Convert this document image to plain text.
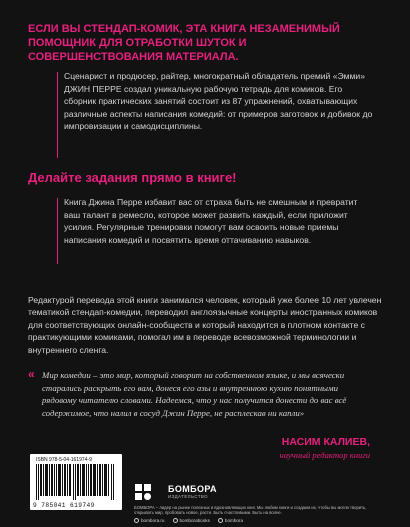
ЕСЛИ ВЫ СТЕНДАП-КОМИК, ЭТА КНИГА НЕЗАМЕНИМЫЙ ПОМОЩНИК ДЛЯ ОТРАБОТКИ ШУТОК И СОВЕРШЕНСТВОВАНИЯ МАТЕРИАЛА.
Сценарист и продюсер, райтер, многократный обладатель премий «Эмми» ДЖИН ПЕРРЕ создал уникальную рабочую тетрадь для комиков. Его сборник практических занятий состоит из 87 упражнений, охватывающих различные аспекты написания комедий: от примеров заготовок и добивок до импровизации и самодисциплины.
Делайте задания прямо в книге!
Книга Джина Перре избавит вас от страха быть не смешным и превратит ваш талант в ремесло, которое может развить каждый, если приложит усилия. Регулярные тренировки помогут вам освоить новые приемы написания комедий и посвятить время оттачиванию навыков.
Редактурой перевода этой книги занимался человек, который уже более 10 лет увлечен тематикой стендап-комедии, переводил англоязычные концерты иностранных комиков для соответствующих онлайн-сообществ и который находится в плотном контакте с практикующими комиками, помогал им в переводе всевозможной терминологии и внутреннего сленга.
« Мир комедии – это мир, который говорит на собственном языке, и мы всячески старались раскрыть его вам, донеся его азы и внутреннюю кухню понятными рядовому читателю словами. Надеемся, что у нас получится донести до вас всё содержимое, что налил в сосуд Джин Перре, не расплескав ни капли»
НАСИМ КАЛИЕВ,
научный редактор книги
ISBN 978-5-04-161974-9
9 785041 619749
БОМБОРА
ИЗДАТЕЛЬСТВО
БОМБОРА – лидер на рынке полезных и вдохновляющих книг. Мы любим книги и создаем их, чтобы вы могли творить, открывать мир, пробовать новое, расти. Быть счастливыми. Быть на волне.
bombora.ru	bomborabooks	bombora
